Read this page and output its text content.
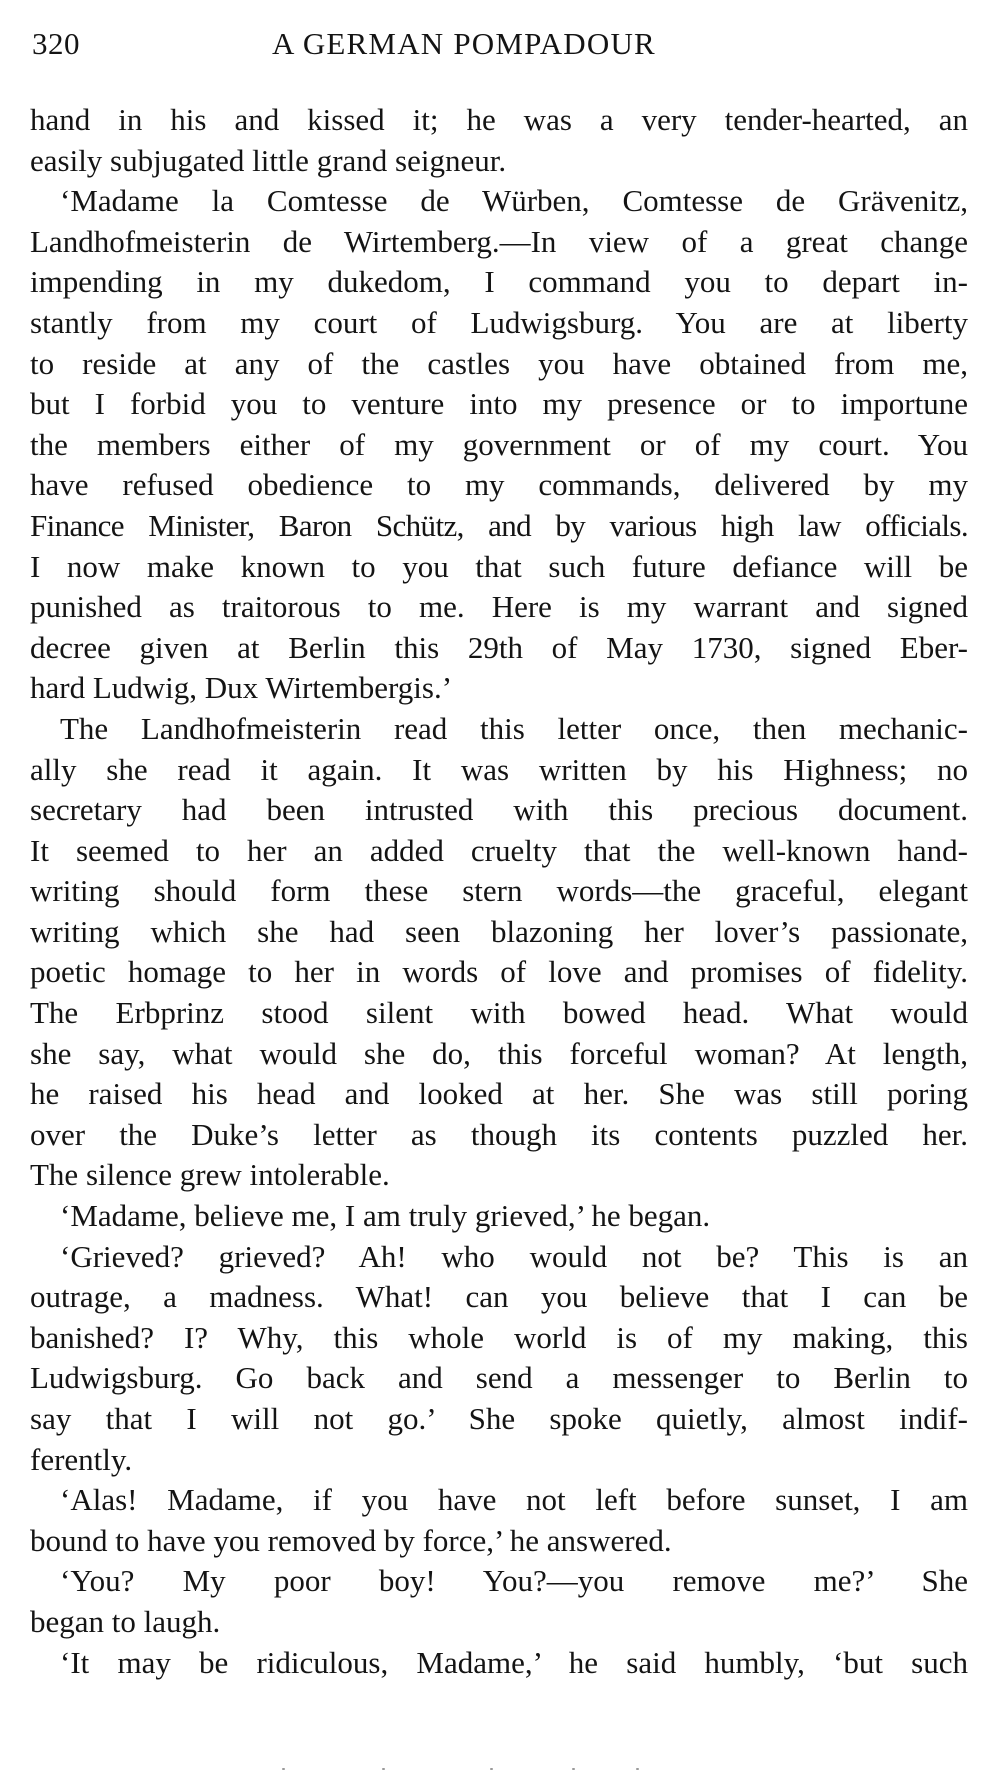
320	A GERMAN POMPADOUR
hand in his and kissed it; he was a very tender-hearted, an
easily subjugated little grand seigneur.
‘Madame la Comtesse de Würben, Comtesse de Grävenitz,
Landhofmeisterin de Wirtemberg.—In view of a great change
impending in my dukedom, I command you to depart in-
stantly from my court of Ludwigsburg. You are at liberty
to reside at any of the castles you have obtained from me,
but I forbid you to venture into my presence or to importune
the members either of my government or of my court. You
have refused obedience to my commands, delivered by my
Finance Minister, Baron Schütz, and by various high law officials.
I now make known to you that such future defiance will be
punished as traitorous to me. Here is my warrant and signed
decree given at Berlin this 29th of May 1730, signed Eber-
hard Ludwig, Dux Wirtembergis.’
The Landhofmeisterin read this letter once, then mechanic-
ally she read it again. It was written by his Highness; no
secretary had been intrusted with this precious document.
It seemed to her an added cruelty that the well-known hand-
writing should form these stern words—the graceful, elegant
writing which she had seen blazoning her lover’s passionate,
poetic homage to her in words of love and promises of fidelity.
The Erbprinz stood silent with bowed head. What would
she say, what would she do, this forceful woman? At length,
he raised his head and looked at her. She was still poring
over the Duke’s letter as though its contents puzzled her.
The silence grew intolerable.
‘Madame, believe me, I am truly grieved,’ he began.
‘Grieved? grieved? Ah! who would not be? This is an
outrage, a madness. What! can you believe that I can be
banished? I? Why, this whole world is of my making, this
Ludwigsburg. Go back and send a messenger to Berlin to
say that I will not go.’ She spoke quietly, almost indif-
ferently.
‘Alas! Madame, if you have not left before sunset, I am
bound to have you removed by force,’ he answered.
‘You? My poor boy! You?—you remove me?’ She
began to laugh.
‘It may be ridiculous, Madame,’ he said humbly, ‘but such
